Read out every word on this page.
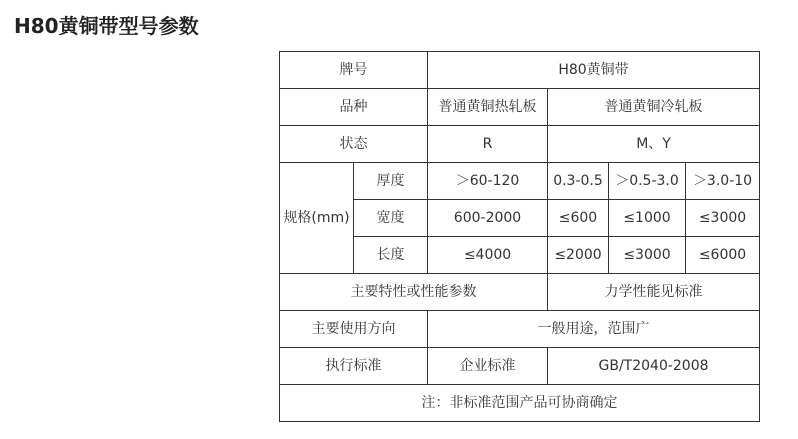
H80黄铜带型号参数
牌号		H80黄铜带			
品种		普通黄铜热轧板	普通黄铜冷轧板		
状态		R	M、Y		
规格(mm)	厚度	＞60-120	0.3-0.5	＞0.5-3.0	＞3.0-10
	宽度	600-2000	≤600	≤1000	≤3000
	长度	≤4000	≤2000	≤3000	≤6000
主要特性或性能参数			力学性能见标准		
主要使用方向		一般用途，范围广			
执行标准		企业标准	GB/T2040-2008		
注：非标准范围产品可协商确定					
